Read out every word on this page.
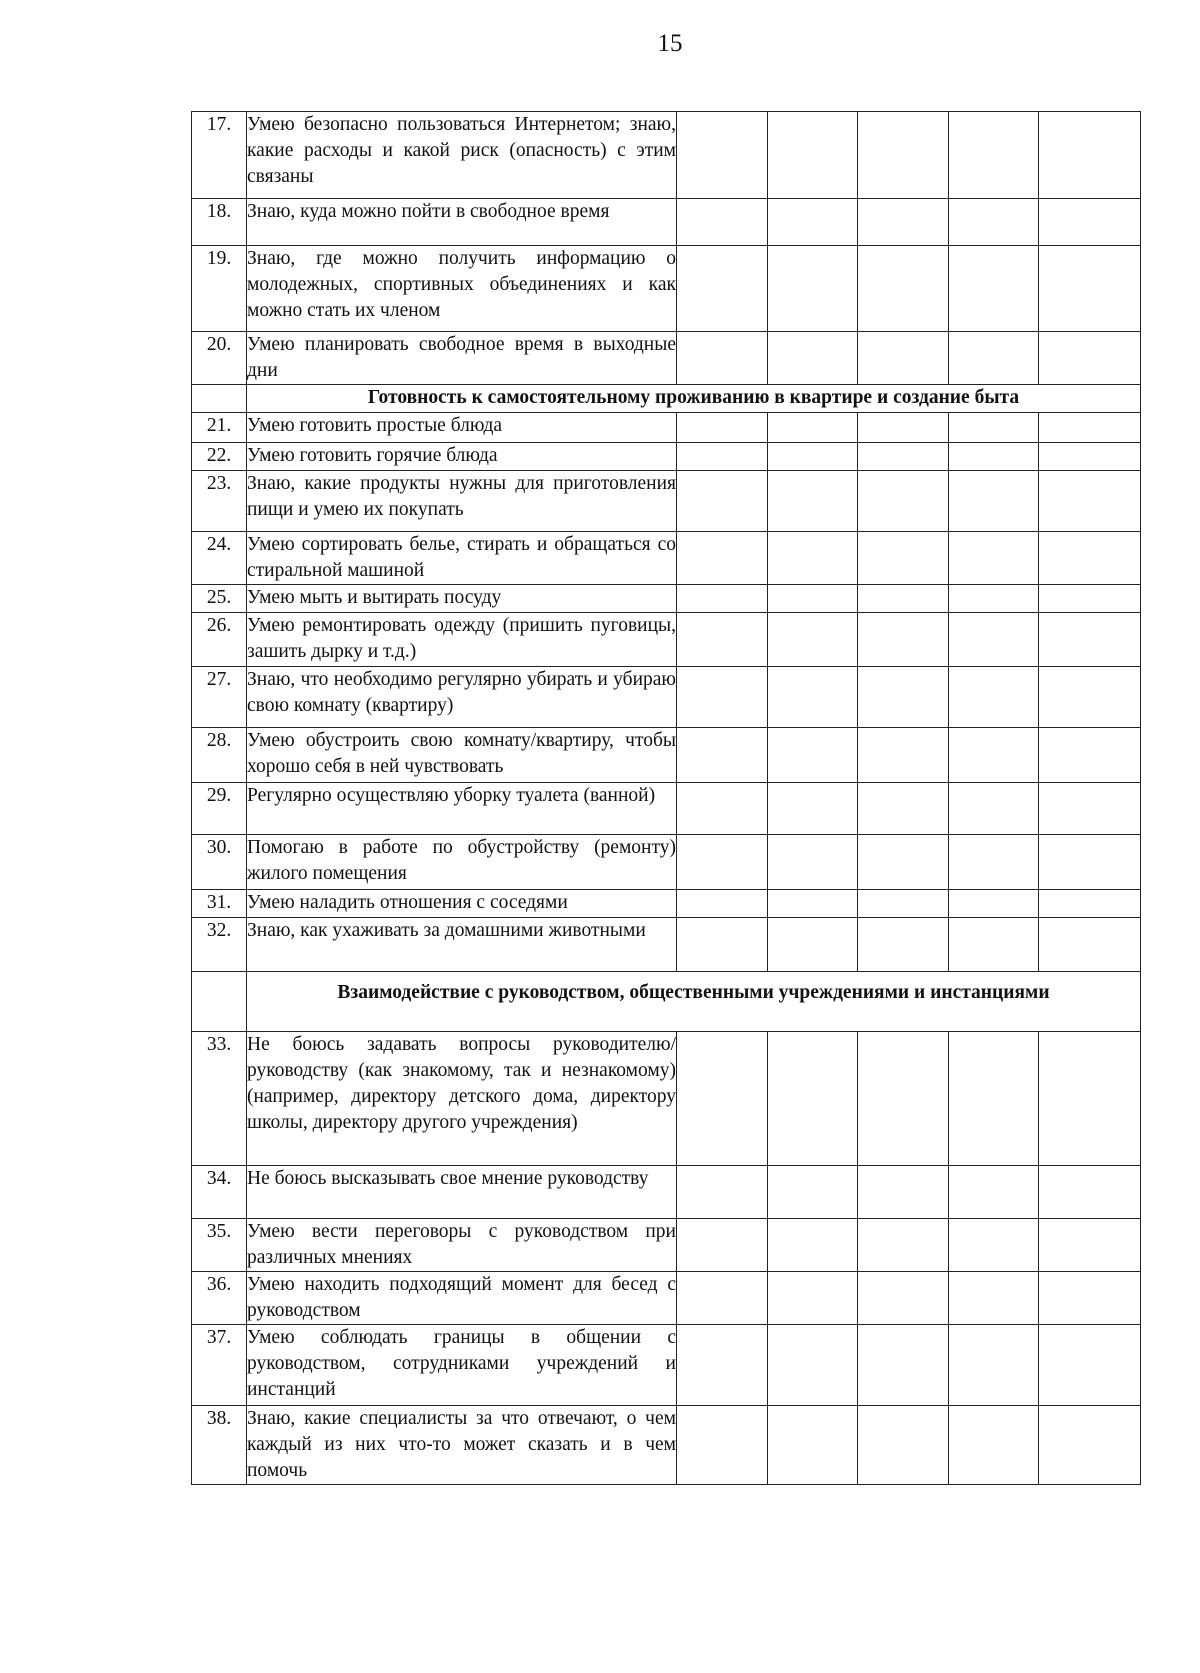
15
17.	Умею безопасно пользоваться Интернетом; знаю, какие расходы и какой риск (опасность) с этим связаны					
18.	Знаю, куда можно пойти в свободное время					
19.	Знаю, где можно получить информацию о молодежных, спортивных объединениях и как можно стать их членом					
20.	Умею планировать свободное время в выходные дни					
	Готовность к самостоятельному проживанию в квартире и создание быта					
21.	Умею готовить простые блюда					
22.	Умею готовить горячие блюда					
23.	Знаю, какие продукты нужны для приготовления пищи и умею их покупать					
24.	Умею сортировать белье, стирать и обращаться со стиральной машиной					
25.	Умею мыть и вытирать посуду					
26.	Умею ремонтировать одежду (пришить пуговицы, зашить дырку и т.д.)					
27.	Знаю, что необходимо регулярно убирать и убираю свою комнату (квартиру)					
28.	Умею обустроить свою комнату/квартиру, чтобы хорошо себя в ней чувствовать					
29.	Регулярно осуществляю уборку туалета (ванной)					
30.	Помогаю в работе по обустройству (ремонту) жилого помещения					
31.	Умею наладить отношения с соседями					
32.	Знаю, как ухаживать за домашними животными					
	Взаимодействие с руководством, общественными учреждениями и инстанциями					
33.	Не боюсь задавать вопросы руководителю/ руководству (как знакомому, так и незнакомому) (например, директору детского дома, директору школы, директору другого учреждения)					
34.	Не боюсь высказывать свое мнение руководству					
35.	Умею вести переговоры с руководством при различных мнениях					
36.	Умею находить подходящий момент для бесед с руководством					
37.	Умею соблюдать границы в общении с руководством, сотрудниками учреждений и инстанций					
38.	Знаю, какие специалисты за что отвечают, о чем каждый из них что-то может сказать и в чем помочь					
